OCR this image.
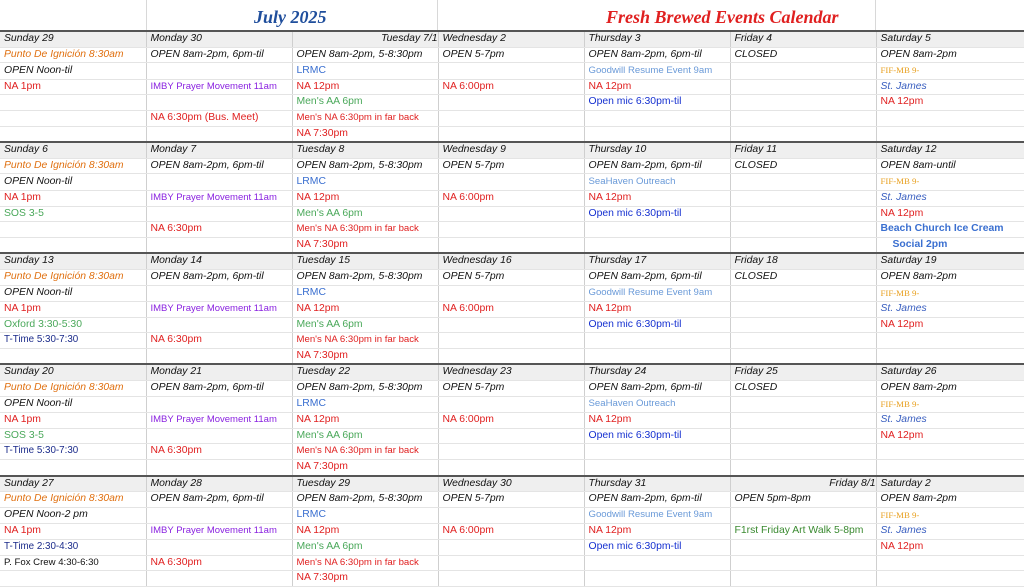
July 2025	Fresh Brewed Events Calendar
Sunday 29	Monday 30	Tuesday 7/1	Wednesday 2	Thursday 3	Friday 4	Saturday 5
Punto De Ignición 8:30am	OPEN 8am-2pm, 6pm-til	OPEN 8am-2pm, 5-8:30pm	OPEN 5-7pm	OPEN 8am-2pm, 6pm-til	CLOSED	OPEN 8am-2pm
OPEN Noon-til		LRMC		Goodwill Resume Event 9am		FIF-MB 9-
NA 1pm	IMBY Prayer Movement 11am	NA 12pm	NA 6:00pm	NA 12pm		St. James
		Men's AA 6pm		Open mic 6:30pm-til		NA 12pm
	NA 6:30pm (Bus. Meet)	Men's NA 6:30pm in far back				
		NA 7:30pm				
Sunday 6	Monday 7	Tuesday 8	Wednesday 9	Thursday 10	Friday 11	Saturday 12
Punto De Ignición 8:30am	OPEN 8am-2pm, 6pm-til	OPEN 8am-2pm, 5-8:30pm	OPEN 5-7pm	OPEN 8am-2pm, 6pm-til	CLOSED	OPEN 8am-until
OPEN Noon-til		LRMC		SeaHaven Outreach		FIF-MB 9-
NA 1pm	IMBY Prayer Movement 11am	NA 12pm	NA 6:00pm	NA 12pm		St. James
SOS 3-5		Men's AA 6pm		Open mic 6:30pm-til		NA 12pm
	NA 6:30pm	Men's NA 6:30pm in far back				Beach Church Ice Cream
		NA 7:30pm				Social 2pm
Sunday 13	Monday 14	Tuesday 15	Wednesday 16	Thursday 17	Friday 18	Saturday 19
Punto De Ignición 8:30am	OPEN 8am-2pm, 6pm-til	OPEN 8am-2pm, 5-8:30pm	OPEN 5-7pm	OPEN 8am-2pm, 6pm-til	CLOSED	OPEN 8am-2pm
OPEN Noon-til		LRMC		Goodwill Resume Event 9am		FIF-MB 9-
NA 1pm	IMBY Prayer Movement 11am	NA 12pm	NA 6:00pm	NA 12pm		St. James
Oxford 3:30-5:30		Men's AA 6pm		Open mic 6:30pm-til		NA 12pm
T-Time 5:30-7:30	NA 6:30pm	Men's NA 6:30pm in far back				
		NA 7:30pm				
Sunday 20	Monday 21	Tuesday 22	Wednesday 23	Thursday 24	Friday 25	Saturday 26
Punto De Ignición 8:30am	OPEN 8am-2pm, 6pm-til	OPEN 8am-2pm, 5-8:30pm	OPEN 5-7pm	OPEN 8am-2pm, 6pm-til	CLOSED	OPEN 8am-2pm
OPEN Noon-til		LRMC		SeaHaven Outreach		FIF-MB 9-
NA 1pm	IMBY Prayer Movement 11am	NA 12pm	NA 6:00pm	NA 12pm		St. James
SOS 3-5		Men's AA 6pm		Open mic 6:30pm-til		NA 12pm
T-Time 5:30-7:30	NA 6:30pm	Men's NA 6:30pm in far back				
		NA 7:30pm				
Sunday 27	Monday 28	Tuesday 29	Wednesday 30	Thursday 31	Friday 8/1	Saturday 2
Punto De Ignición 8:30am	OPEN 8am-2pm, 6pm-til	OPEN 8am-2pm, 5-8:30pm	OPEN 5-7pm	OPEN 8am-2pm, 6pm-til	OPEN 5pm-8pm	OPEN 8am-2pm
OPEN Noon-2 pm		LRMC		Goodwill Resume Event 9am		FIF-MB 9-
NA 1pm	IMBY Prayer Movement 11am	NA 12pm	NA 6:00pm	NA 12pm	F1rst Friday Art Walk 5-8pm	St. James
T-Time 2:30-4:30		Men's AA 6pm		Open mic 6:30pm-til		NA 12pm
P. Fox Crew 4:30-6:30	NA 6:30pm	Men's NA 6:30pm in far back				
		NA 7:30pm				
